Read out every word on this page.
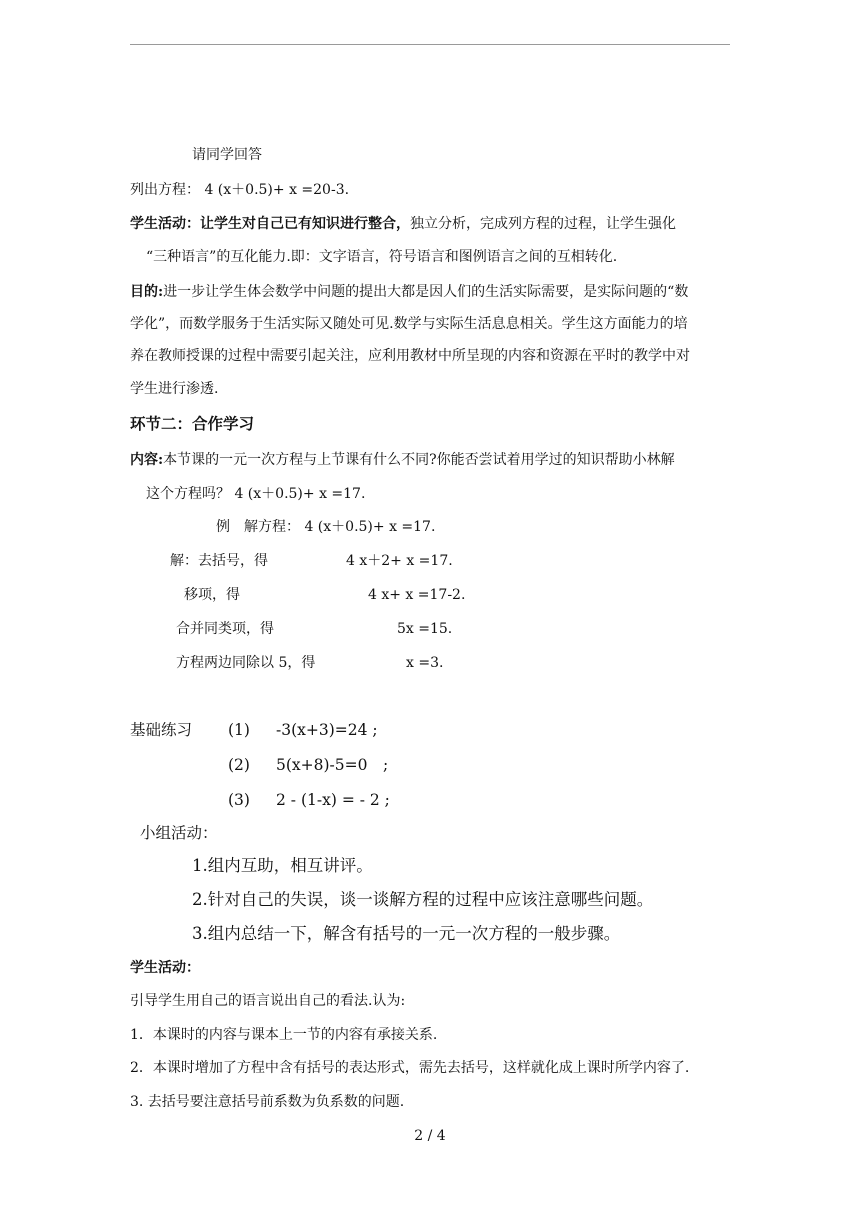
请同学回答
列出方程： 4 (x＋0.5)+ x =20-3.
学生活动：让学生对自己已有知识进行整合，独立分析，完成列方程的过程，让学生强化
“三种语言”的互化能力.即：文字语言，符号语言和图例语言之间的互相转化.
目的:进一步让学生体会数学中问题的提出大都是因人们的生活实际需要，是实际问题的“数
学化”，而数学服务于生活实际又随处可见.数学与实际生活息息相关。学生这方面能力的培
养在教师授课的过程中需要引起关注，应利用教材中所呈现的内容和资源在平时的教学中对
学生进行渗透.
环节二：合作学习
内容:本节课的一元一次方程与上节课有什么不同?你能否尝试着用学过的知识帮助小林解
这个方程吗？ 4 (x＋0.5)+ x =17.
例　解方程： 4 (x＋0.5)+ x =17.
解：去括号，得	4 x＋2+ x =17.
移项，得	4 x+ x =17-2.
合并同类项，得	5x =15.
方程两边同除以 5，得	x =3.
基础练习 (1) -3(x+3)=24 ;
(2) 5(x+8)-5=0　;
(3) 2 - (1-x) = - 2 ;
小组活动：
1.组内互助，相互讲评。
2.针对自己的失误，谈一谈解方程的过程中应该注意哪些问题。
3.组内总结一下，解含有括号的一元一次方程的一般步骤。
学生活动：
引导学生用自己的语言说出自己的看法.认为:
1．本课时的内容与课本上一节的内容有承接关系.
2．本课时增加了方程中含有括号的表达形式，需先去括号，这样就化成上课时所学内容了.
3. 去括号要注意括号前系数为负系数的问题.
2 / 4
